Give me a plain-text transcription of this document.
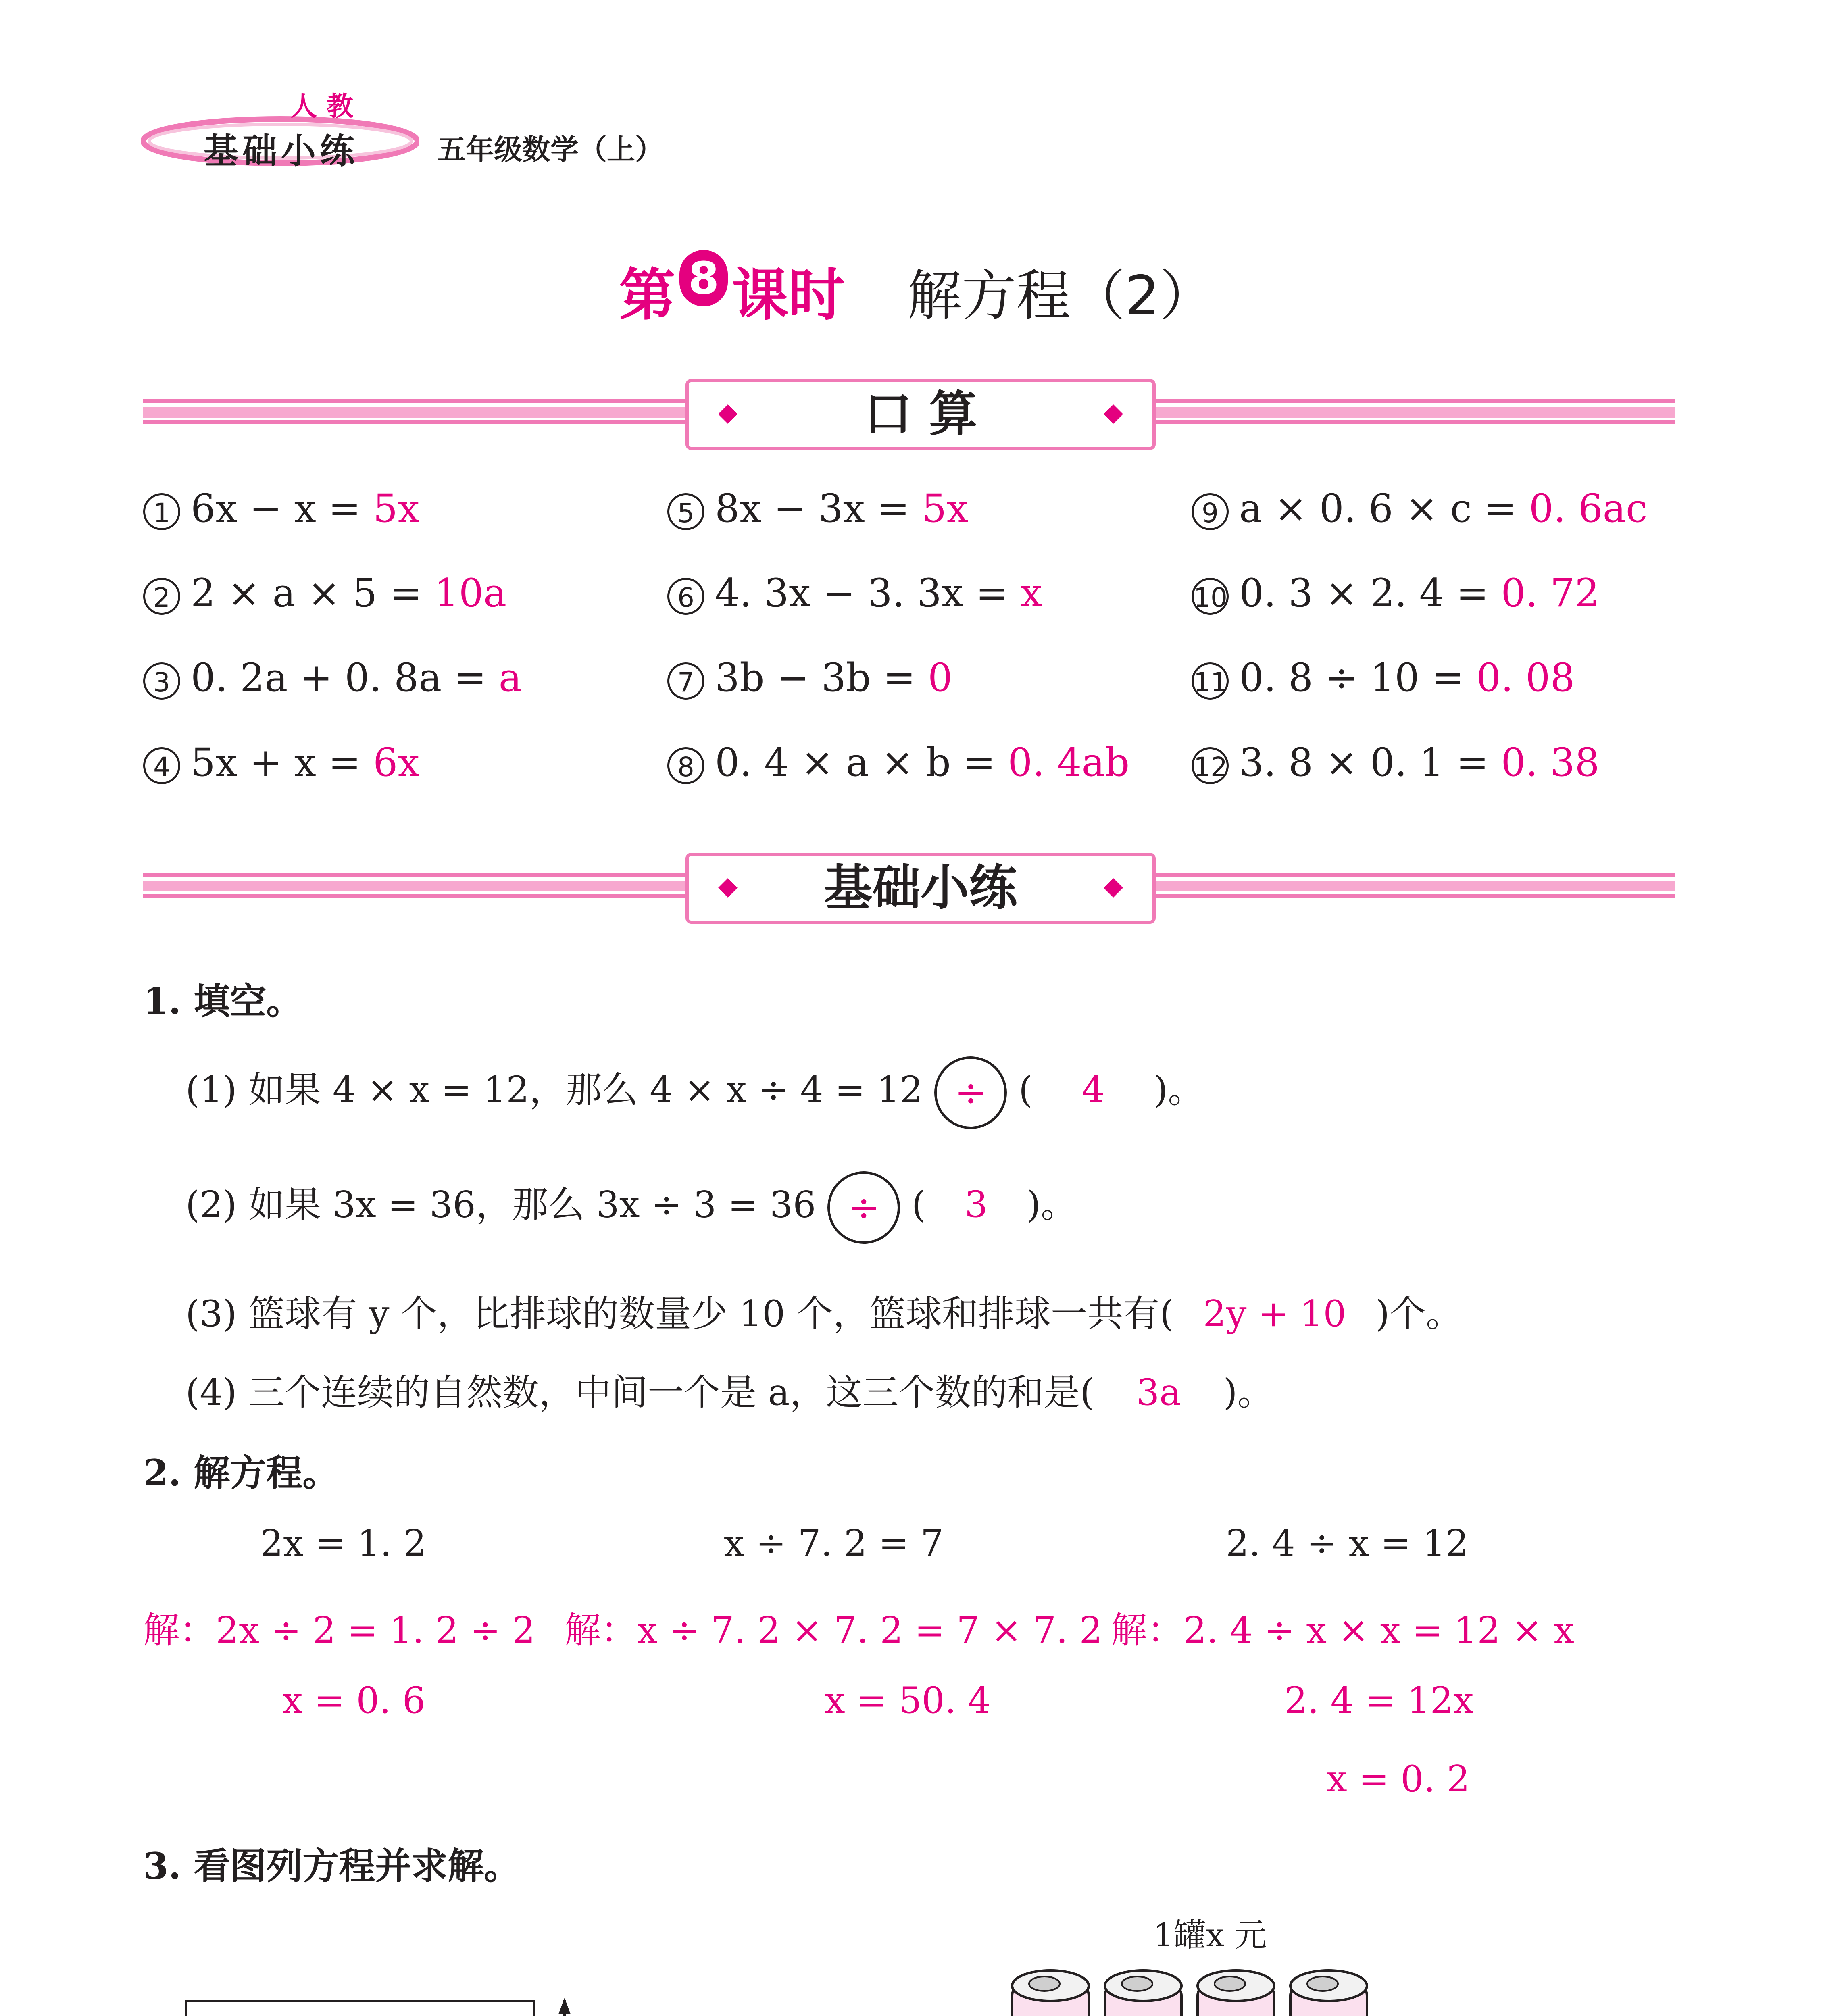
人教
基础小练	五年级数学（上）
第 8 课时 解方程（2）
口 算
1 6x − x = 5x
2 2 × a × 5 = 10a
3 0. 2a + 0. 8a = a
4 5x + x = 6x
5 8x − 3x = 5x
6 4. 3x − 3. 3x = x
7 3b − 3b = 0
8 0. 4 × a × b = 0. 4ab
9 a × 0. 6 × c = 0. 6ac
10 0. 3 × 2. 4 = 0. 72
11 0. 8 ÷ 10 = 0. 08
12 3. 8 × 0. 1 = 0. 38
基础小练
1. 填空。
(1) 如果 4 × x = 12，那么 4 × x ÷ 4 = 12 ÷ ( 4 )。
(2) 如果 3x = 36，那么 3x ÷ 3 = 36 ÷ ( 3 )。
(3) 篮球有 y 个，比排球的数量少 10 个，篮球和排球一共有( 2y + 10 )个。
(4) 三个连续的自然数，中间一个是 a，这三个数的和是( 3a )。
2. 解方程。
2x = 1. 2
解：2x ÷ 2 = 1. 2 ÷ 2
x = 0. 6
x ÷ 7. 2 = 7
解：x ÷ 7. 2 × 7. 2 = 7 × 7. 2
x = 50. 4
2. 4 ÷ x = 12
解：2. 4 ÷ x × x = 12 × x
2. 4 = 12x
x = 0. 2
3. 看图列方程并求解。
1罐x 元
